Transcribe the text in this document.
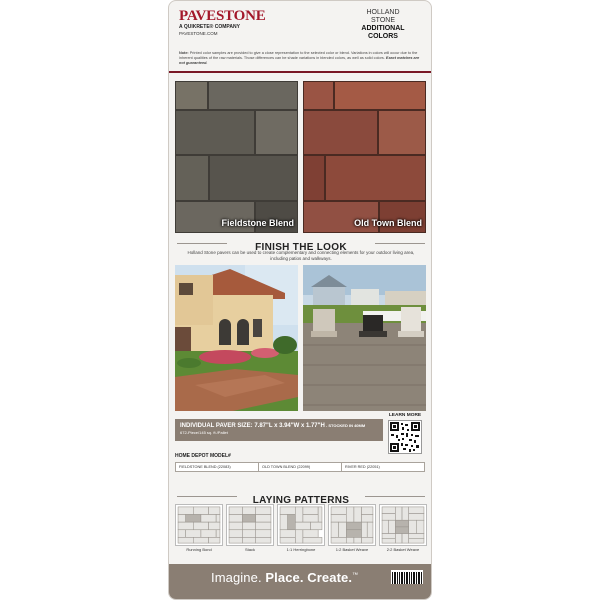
PAVESTONE
A QUIKRETE® COMPANY
PAVESTONE.COM
HOLLAND
STONE
ADDITIONAL
COLORS

Note: Printed color samples are provided to give a close representation to the selected color or blend. Variations in colors will occur due to the inherent qualities of the raw materials. Those differences can be shade variations in blended colors, as well as solid colors. Exact matches are not guaranteed.

Fieldstone Blend	Old Town Blend
FINISH THE LOOK

Holland Stone pavers can be used to create complementary and connecting elements for your outdoor living area, including patios and walkways.

INDIVIDUAL PAVER SIZE: 7.87"L x 3.94"W x 1.77"H - STOCKED IN 40MM
672-Piece/145 sq. ft./Pallet
LEARN MORE
HOME DEPOT MODEL#
FIELDSTONE BLEND (22083)	OLD TOWN BLEND (22099)	RIVER RED (22051)
LAYING PATTERNS
Running Bond	Stack	1:1 Herringbone	1:2 Basket Weave	2:2 Basket Weave
Imagine. Place. Create.™
